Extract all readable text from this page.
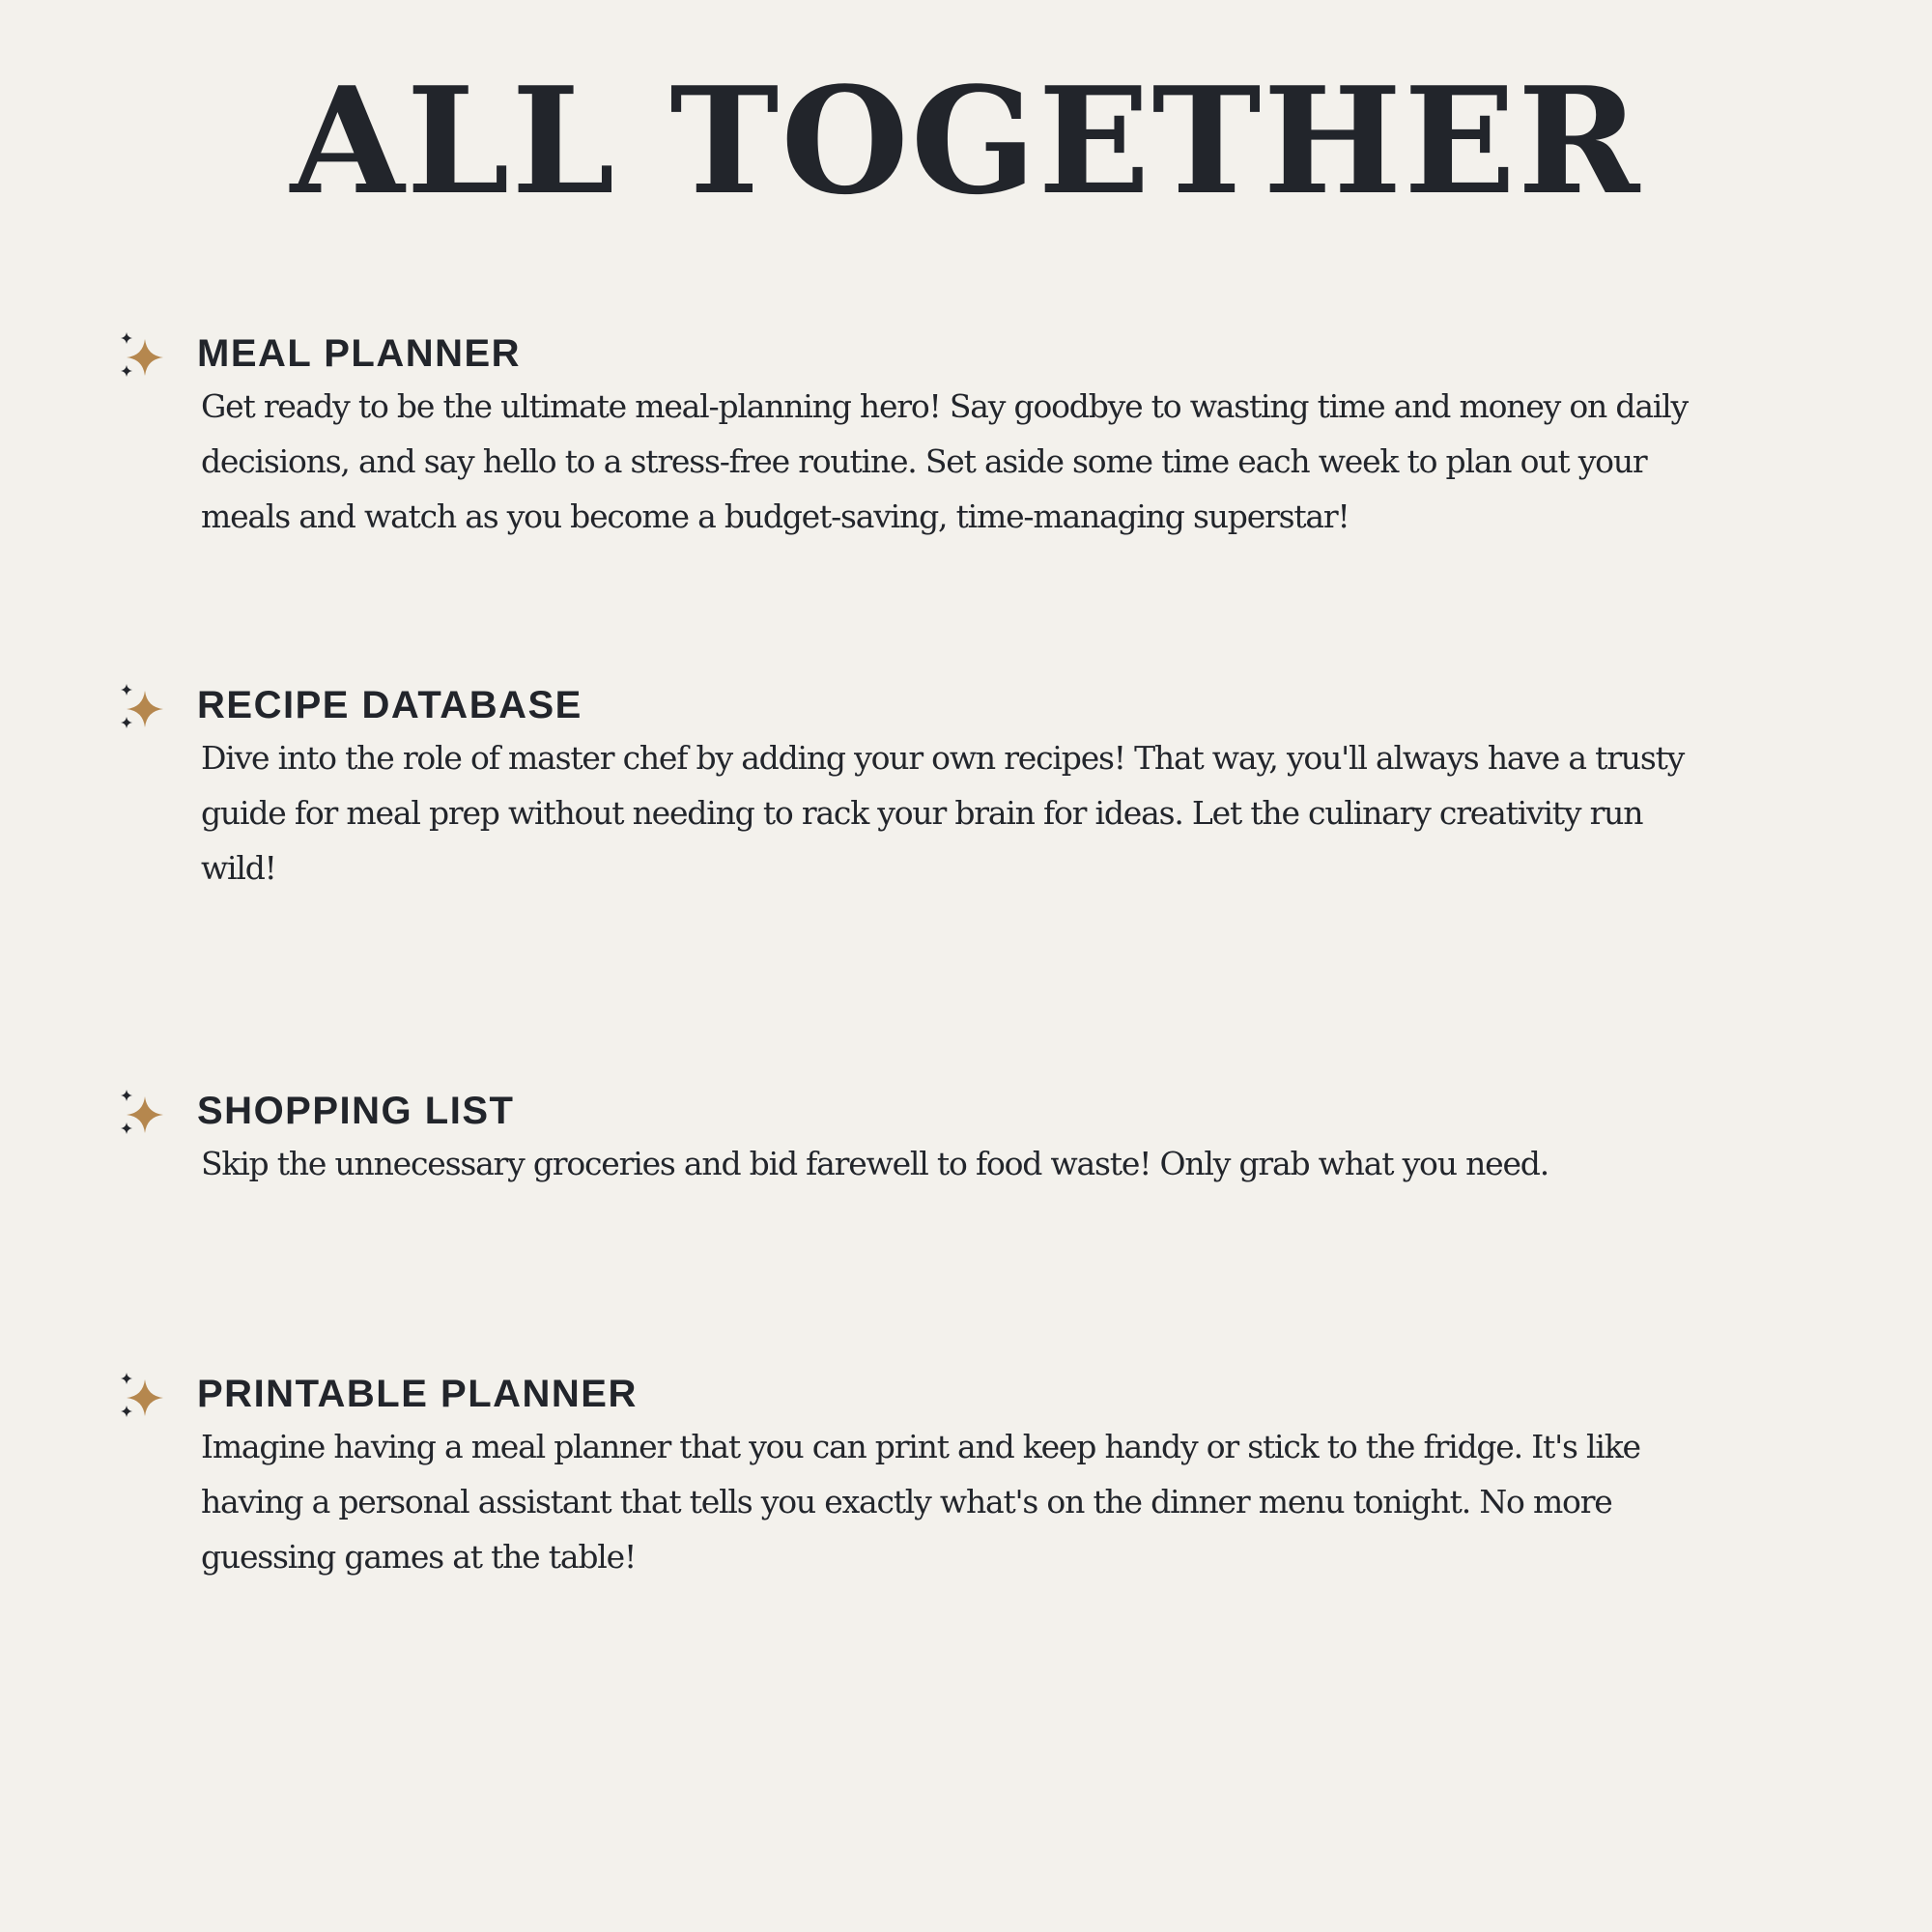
ALL TOGETHER
MEAL PLANNER

Get ready to be the ultimate meal-planning hero! Say goodbye to wasting time and money on daily decisions, and say hello to a stress-free routine. Set aside some time each week to plan out your meals and watch as you become a budget-saving, time-managing superstar!

RECIPE DATABASE

Dive into the role of master chef by adding your own recipes! That way, you'll always have a trusty guide for meal prep without needing to rack your brain for ideas. Let the culinary creativity run wild!

SHOPPING LIST

Skip the unnecessary groceries and bid farewell to food waste! Only grab what you need.

PRINTABLE PLANNER

Imagine having a meal planner that you can print and keep handy or stick to the fridge. It's like having a personal assistant that tells you exactly what's on the dinner menu tonight. No more guessing games at the table!
